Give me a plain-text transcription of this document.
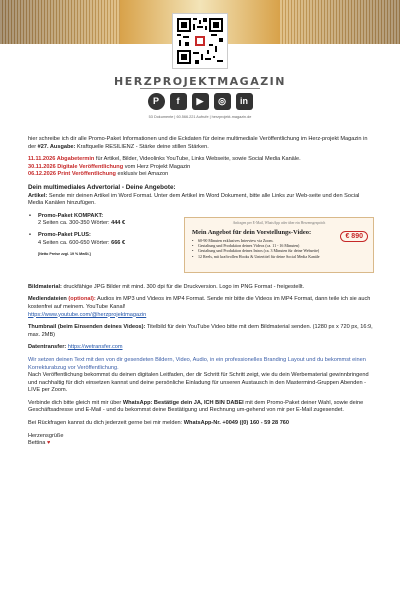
HERZPROJEKTMAGAZIN
P	f	▶	◎	in
53 Dokumente | 60.566.221 Aufrufe | herzprojekt-magazin.de

hier schreibe ich dir alle Promo-Paket Informationen und die Eckdaten für deine multimediale Veröffentlichung im Herz-projekt Magazin in der #27. Ausgabe: Kraftquelle RESILIENZ - Stärke deine stillen Stärken.

11.11.2026 Abgabetermin für Artikel, Bilder, Videolinks YouTube, Links Webseite, sowie Social Media Kanäle.
30.11.2026 Digitale Veröffentlichung vom Herz Projekt Magazin
06.12.2026 Print Veröffentlichung exklusiv bei Amazon

Dein multimediales Advertorial - Deine Angebote:

Artikel: Sende mir deinen Artikel im Word Format. Unter dem Artikel im Word Dokument, bitte alle Links zur Web-seite und den Social Media Kanälen hinzufügen.

• Promo-Paket KOMPAKT:
2 Seiten ca. 300-350 Wörter: 444 €
• Promo-Paket PLUS:
4 Seiten ca. 600-650 Wörter: 666 €
[Netto Preise zzgl. 19 % MwSt.]
Anfragen per E-Mail, WhatsApp oder über ein Herzensgespräch
Mein Angebot für dein Vorstellungs-Video:
• 60-90 Minuten exklusives Interview via Zoom.
• Gestaltung und Produktion deines Videos (ca. 11 - 16 Minuten)
• Gestaltung und Produktion deines Intros (ca. 3 Minuten für deine Webseite)
• 12 Reels, mit kraftvollen Hooks & Untertitel für deine Social Media Kanäle
€ 890

Bildmaterial: druckfähige JPG Bilder mit mind. 300 dpi für die Druckversion. Logo im PNG Format - freigestellt.

Mediendateien (optional): Audios im MP3 und Videos im MP4 Format. Sende mir bitte die Videos im MP4 Format, dann teile ich sie auch kostenfrei auf meinem. YouTube Kanal!
https://www.youtube.com/@herzprojektmagazin

Thumbnail (beim Einsenden deines Videos): Titelbild für dein YouTube Video bitte mit dem Bildmaterial senden. (1280 px x 720 px, 16:9, max. 2MB)

Datentransfer: https://wetransfer.com

Wir setzen deinen Text mit den von dir gesendeten Bildern, Video, Audio, in ein professionelles Branding Layout und du bekommst einen Korrekturabzug vor Veröffentlichung.
Nach Veröffentlichung bekommst du deinen digitalen Leitfaden, der dir Schritt für Schritt zeigt, wie du dein Werbematerial gewinnbringend und nachhaltig für dich einsetzen kannst und deine persönliche Einladung für unseren Austausch in den Mastermind-Gruppen Abenden - LIVE per Zoom.

Verbinde dich bitte gleich mit mir über WhatsApp: Bestätige dein JA, ICH BIN DABEI mit dem Promo-Paket deiner Wahl, sowie deine Geschäftsadresse und E-Mail - und du bekommst deine Bestätigung und Rechnung um-gehend von mir per E-Mail zugesendet.

Bei Rückfragen kannst du dich jederzeit gerne bei mir melden: WhatsApp-Nr. +0049 ((0) 160 - 59 28 760

Herzensgrüße
Bettina ♥
